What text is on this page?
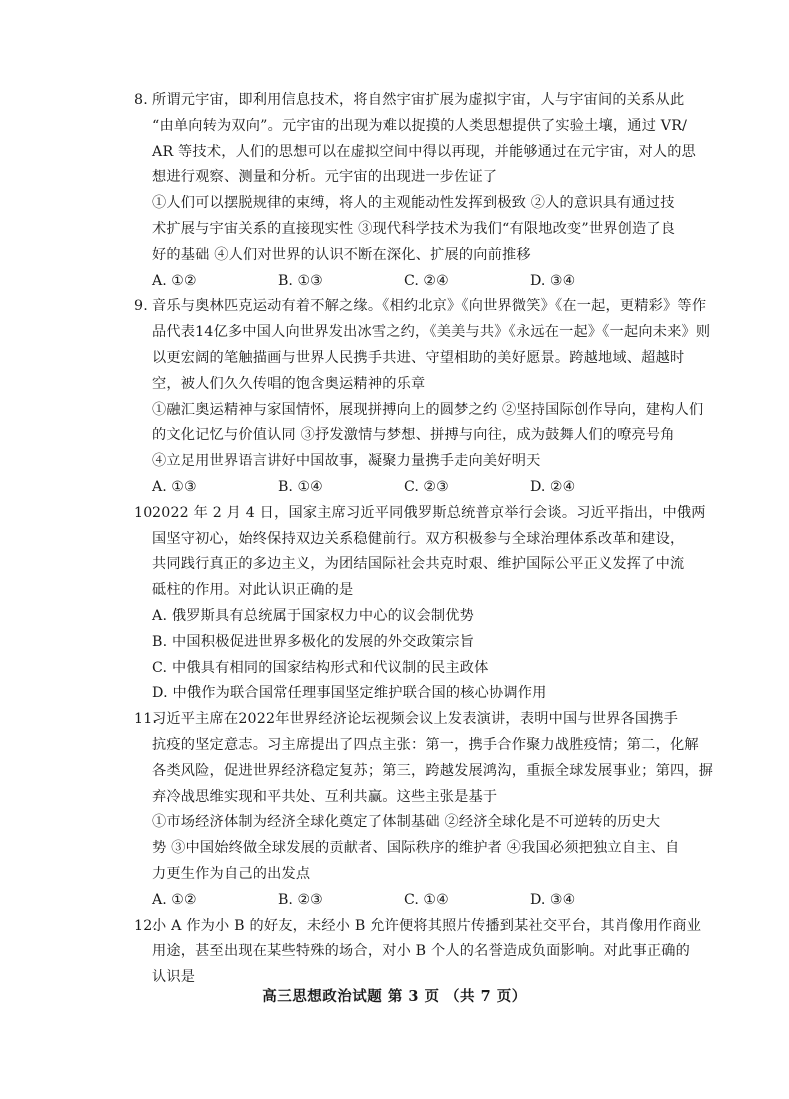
8. 所谓元宇宙，即利用信息技术，将自然宇宙扩展为虚拟宇宙，人与宇宙间的关系从此
“由单向转为双向”。元宇宙的出现为难以捉摸的人类思想提供了实验土壤，通过 VR/
AR 等技术，人们的思想可以在虚拟空间中得以再现，并能够通过在元宇宙，对人的思
想进行观察、测量和分析。元宇宙的出现进一步佐证了
①人们可以摆脱规律的束缚，将人的主观能动性发挥到极致 ②人的意识具有通过技
术扩展与宇宙关系的直接现实性 ③现代科学技术为我们“有限地改变”世界创造了良
好的基础 ④人们对世界的认识不断在深化、扩展的向前推移
A. ①②	B. ①③	C. ②④	D. ③④
9. 音乐与奥林匹克运动有着不解之缘。《相约北京》《向世界微笑》《在一起，更精彩》等作
品代表14亿多中国人向世界发出冰雪之约，《美美与共》《永远在一起》《一起向未来》则
以更宏阔的笔触描画与世界人民携手共进、守望相助的美好愿景。跨越地域、超越时
空，被人们久久传唱的饱含奥运精神的乐章
①融汇奥运精神与家国情怀，展现拼搏向上的圆梦之约 ②坚持国际创作导向，建构人们
的文化记忆与价值认同 ③抒发激情与梦想、拼搏与向往，成为鼓舞人们的嘹亮号角
④立足用世界语言讲好中国故事，凝聚力量携手走向美好明天
A. ①③	B. ①④	C. ②③	D. ②④
10.
2022 年 2 月 4 日，国家主席习近平同俄罗斯总统普京举行会谈。习近平指出，中俄两
国坚守初心，始终保持双边关系稳健前行。双方积极参与全球治理体系改革和建设，
共同践行真正的多边主义，为团结国际社会共克时艰、维护国际公平正义发挥了中流
砥柱的作用。对此认识正确的是
A. 俄罗斯具有总统属于国家权力中心的议会制优势
B. 中国积极促进世界多极化的发展的外交政策宗旨
C. 中俄具有相同的国家结构形式和代议制的民主政体
D. 中俄作为联合国常任理事国坚定维护联合国的核心协调作用
11.
习近平主席在2022年世界经济论坛视频会议上发表演讲，表明中国与世界各国携手
抗疫的坚定意志。习主席提出了四点主张：第一，携手合作聚力战胜疫情；第二，化解
各类风险，促进世界经济稳定复苏；第三，跨越发展鸿沟，重振全球发展事业；第四，摒
弃冷战思维实现和平共处、互利共赢。这些主张是基于
①市场经济体制为经济全球化奠定了体制基础 ②经济全球化是不可逆转的历史大
势 ③中国始终做全球发展的贡献者、国际秩序的维护者 ④我国必须把独立自主、自
力更生作为自己的出发点
A. ①②	B. ②③	C. ①④	D. ③④
12.
小 A 作为小 B 的好友，未经小 B 允许便将其照片传播到某社交平台，其肖像用作商业
用途，甚至出现在某些特殊的场合，对小 B 个人的名誉造成负面影响。对此事正确的
认识是
高三思想政治试题 第 3 页 （共 7 页）
